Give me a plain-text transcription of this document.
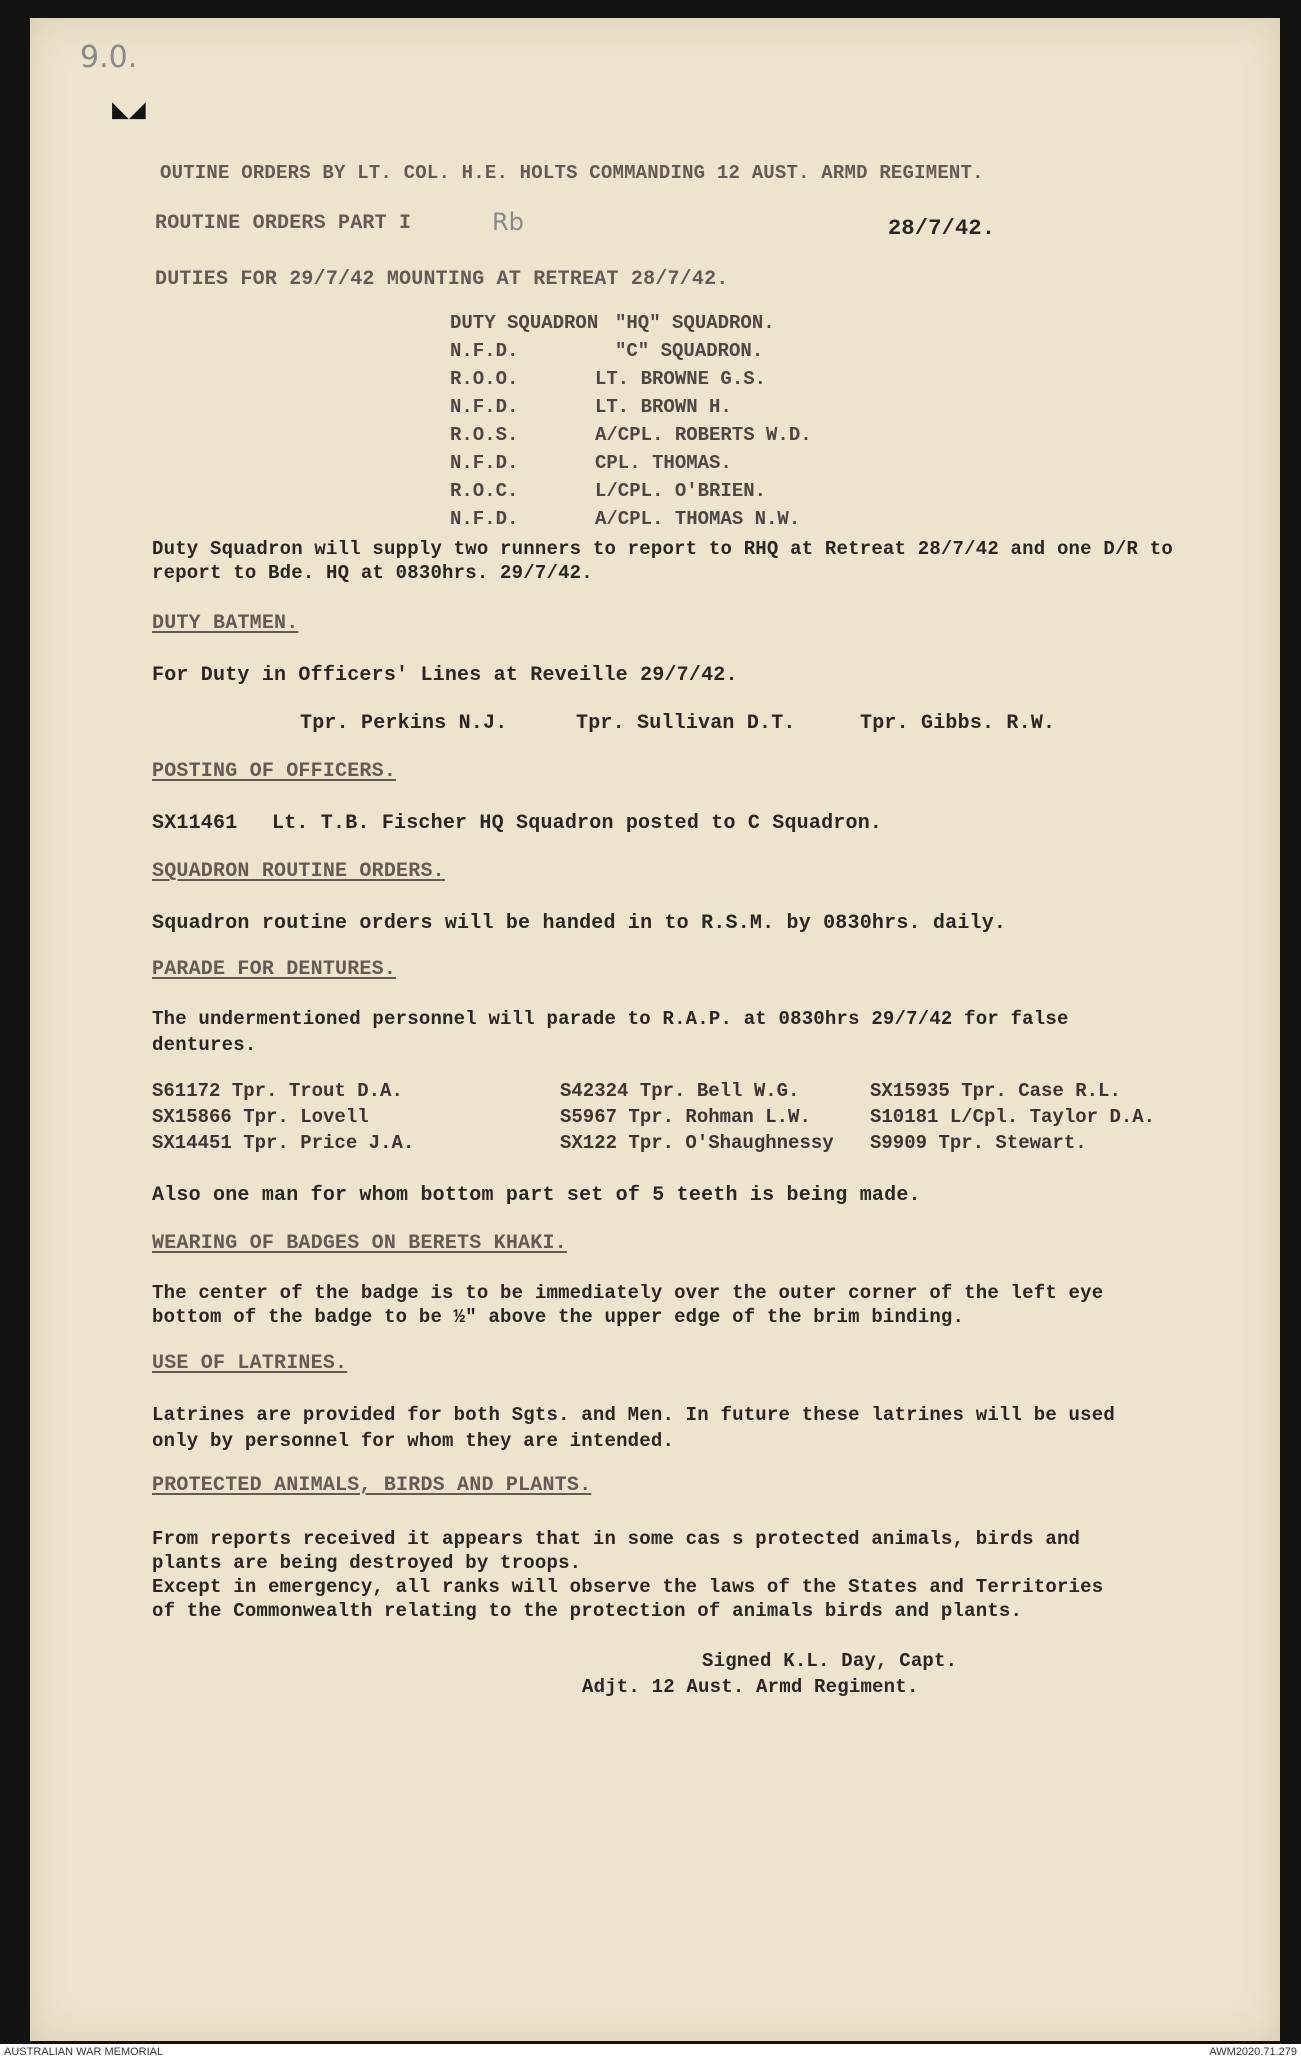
9.0.
◣◢
Rb
OUTINE ORDERS BY LT. COL. H.E. HOLTS COMMANDING 12 AUST. ARMD REGIMENT.
ROUTINE ORDERS PART I	28/7/42.
DUTIES FOR 29/7/42 MOUNTING AT RETREAT 28/7/42.
DUTY SQUADRON "HQ" SQUADRON.
N.F.D.	"C" SQUADRON.
R.O.O.	LT. BROWNE G.S.
N.F.D.	LT. BROWN H.
R.O.S.	A/CPL. ROBERTS W.D.
N.F.D.	CPL. THOMAS.
R.O.C.	L/CPL. O'BRIEN.
N.F.D.	A/CPL. THOMAS N.W.
Duty Squadron will supply two runners to report to RHQ at Retreat 28/7/42 and one D/R to
report to Bde. HQ at 0830hrs. 29/7/42.
DUTY BATMEN.
For Duty in Officers' Lines at Reveille 29/7/42.
Tpr. Perkins N.J.	Tpr. Sullivan D.T.	Tpr. Gibbs. R.W.
POSTING OF OFFICERS.
SX11461 Lt. T.B. Fischer HQ Squadron posted to C Squadron.
SQUADRON ROUTINE ORDERS.
Squadron routine orders will be handed in to R.S.M. by 0830hrs. daily.
PARADE FOR DENTURES.
The undermentioned personnel will parade to R.A.P. at 0830hrs 29/7/42 for false
dentures.
S61172 Tpr. Trout D.A.	S42324 Tpr. Bell W.G.	SX15935 Tpr. Case R.L.
SX15866 Tpr. Lovell	S5967 Tpr. Rohman L.W.	S10181 L/Cpl. Taylor D.A.
SX14451 Tpr. Price J.A.	SX122 Tpr. O'Shaughnessy S9909 Tpr. Stewart.
Also one man for whom bottom part set of 5 teeth is being made.
WEARING OF BADGES ON BERETS KHAKI.
The center of the badge is to be immediately over the outer corner of the left eye
bottom of the badge to be ½" above the upper edge of the brim binding.
USE OF LATRINES.
Latrines are provided for both Sgts. and Men. In future these latrines will be used
only by personnel for whom they are intended.
PROTECTED ANIMALS, BIRDS AND PLANTS.
From reports received it appears that in some cas s protected animals, birds and
plants are being destroyed by troops.
Except in emergency, all ranks will observe the laws of the States and Territories
of the Commonwealth relating to the protection of animals birds and plants.
Signed K.L. Day, Capt.
Adjt. 12 Aust. Armd Regiment.
AUSTRALIAN WAR MEMORIAL	AWM2020.71.279
